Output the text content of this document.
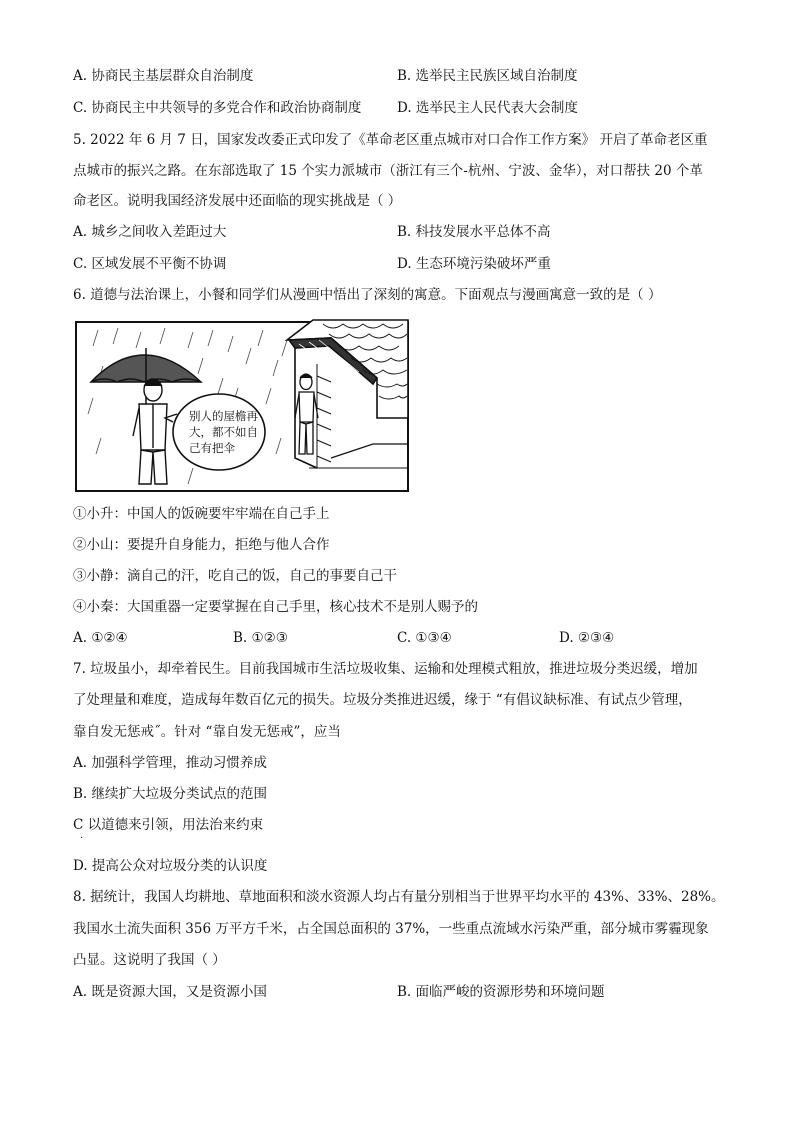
A. 协商民主基层群众自治制度	B. 选举民主民族区域自治制度
C. 协商民主中共领导的多党合作和政治协商制度	D. 选举民主人民代表大会制度
5. 2022 年 6 月 7 日，国家发改委正式印发了《革命老区重点城市对口合作工作方案》 开启了革命老区重
点城市的振兴之路。在东部选取了 15 个实力派城市（浙江有三个-杭州、宁波、金华），对口帮扶 20 个革
命老区。说明我国经济发展中还面临的现实挑战是（ ）
A. 城乡之间收入差距过大	B. 科技发展水平总体不高
C. 区域发展不平衡不协调	D. 生态环境污染破坏严重
6. 道德与法治课上，小餐和同学们从漫画中悟出了深刻的寓意。下面观点与漫画寓意一致的是（ ）
别人的屋檐再
大，都不如自
己有把伞
①小升：中国人的饭碗要牢牢端在自己手上
②小山：要提升自身能力，拒绝与他人合作
③小静：滴自己的汗，吃自己的饭，自己的事要自己干
④小秦：大国重器一定要掌握在自己手里，核心技术不是别人赐予的
A. ①②④	B. ①②③	C. ①③④	D. ②③④
7. 垃圾虽小，却牵着民生。目前我国城市生活垃圾收集、运输和处理模式粗放，推进垃圾分类迟缓，增加
了处理量和难度，造成每年数百亿元的损失。垃圾分类推进迟缓，缘于 “有倡议缺标准、有试点少管理，
靠自发无惩戒˝。针对 “靠自发无惩戒”，应当
A. 加强科学管理，推动习惯养成
B. 继续扩大垃圾分类试点的范围
C 以道德来引领，用法治来约束
·
D. 提高公众对垃圾分类的认识度
8. 据统计，我国人均耕地、草地面积和淡水资源人均占有量分别相当于世界平均水平的 43%、33%、28%。
我国水土流失面积 356 万平方千米，占全国总面积的 37%，一些重点流域水污染严重，部分城市雾霾现象
凸显。这说明了我国（ ）
A. 既是资源大国，又是资源小国	B. 面临严峻的资源形势和环境问题
